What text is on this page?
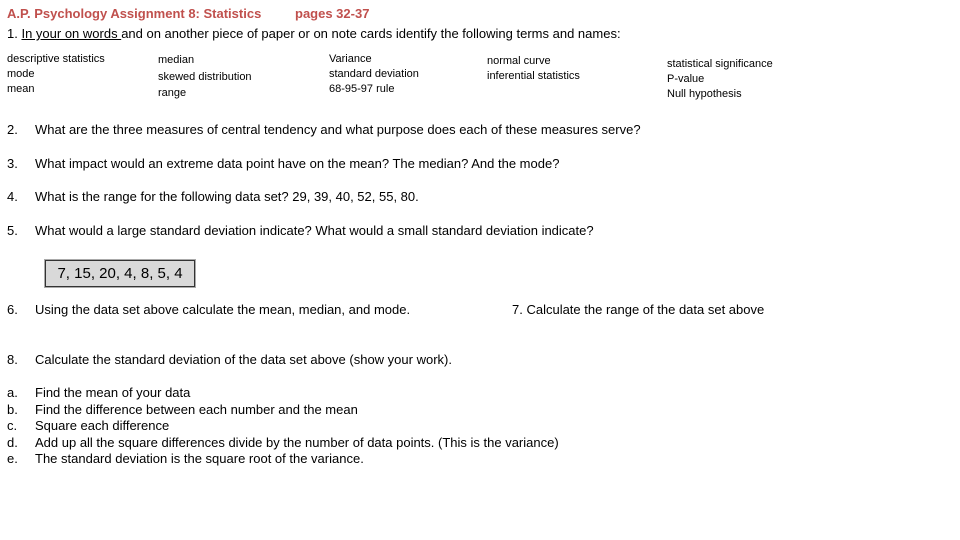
A.P. Psychology Assignment 8: Statistics	pages 32-37
1. In your on words and on another piece of paper or on note cards identify the following terms and names:
descriptive statistics
mode
mean
median
skewed distribution
range
Variance
standard deviation
68-95-97 rule
normal curve
inferential statistics
statistical significance
P-value
Null hypothesis
2. What are the three measures of central tendency and what purpose does each of these measures serve?
3. What impact would an extreme data point have on the mean? The median? And the mode?
4. What is the range for the following data set? 29, 39, 40, 52, 55, 80.
5. What would a large standard deviation indicate? What would a small standard deviation indicate?
7, 15, 20, 4, 8, 5, 4
6. Using the data set above calculate the mean, median, and mode.	7. Calculate the range of the data set above
8. Calculate the standard deviation of the data set above (show your work).
a.
b.
c.
d.
e.
Find the mean of your data
Find the difference between each number and the mean
Square each difference
Add up all the square differences divide by the number of data points. (This is the variance)
The standard deviation is the square root of the variance.
